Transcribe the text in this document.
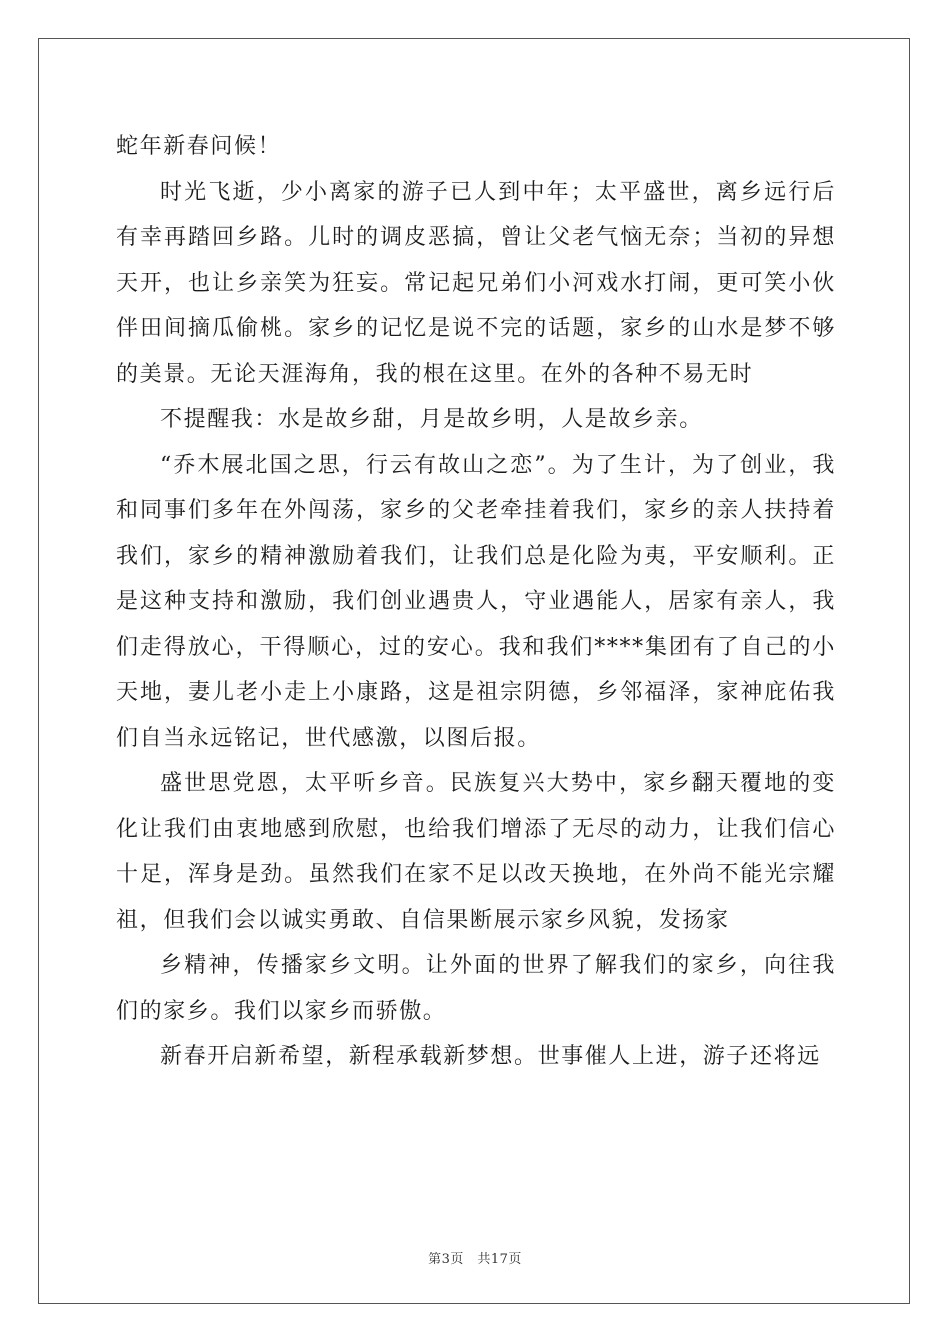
蛇年新春问候！

时光飞逝，少小离家的游子已人到中年；太平盛世，离乡远行后有幸再踏回乡路。儿时的调皮恶搞，曾让父老气恼无奈；当初的异想天开，也让乡亲笑为狂妄。常记起兄弟们小河戏水打闹，更可笑小伙伴田间摘瓜偷桃。家乡的记忆是说不完的话题，家乡的山水是梦不够的美景。无论天涯海角，我的根在这里。在外的各种不易无时

不提醒我：水是故乡甜，月是故乡明，人是故乡亲。

“乔木展北国之思，行云有故山之恋”。为了生计，为了创业，我和同事们多年在外闯荡，家乡的父老牵挂着我们，家乡的亲人扶持着我们，家乡的精神激励着我们，让我们总是化险为夷，平安顺利。正是这种支持和激励，我们创业遇贵人，守业遇能人，居家有亲人，我们走得放心，干得顺心，过的安心。我和我们****集团有了自己的小天地，妻儿老小走上小康路，这是祖宗阴德，乡邻福泽，家神庇佑我们自当永远铭记，世代感激，以图后报。

盛世思党恩，太平听乡音。民族复兴大势中，家乡翻天覆地的变化让我们由衷地感到欣慰，也给我们增添了无尽的动力，让我们信心十足，浑身是劲。虽然我们在家不足以改天换地，在外尚不能光宗耀祖，但我们会以诚实勇敢、自信果断展示家乡风貌，发扬家

乡精神，传播家乡文明。让外面的世界了解我们的家乡，向往我们的家乡。我们以家乡而骄傲。

新春开启新希望，新程承载新梦想。世事催人上进，游子还将远

第3页　共17页
